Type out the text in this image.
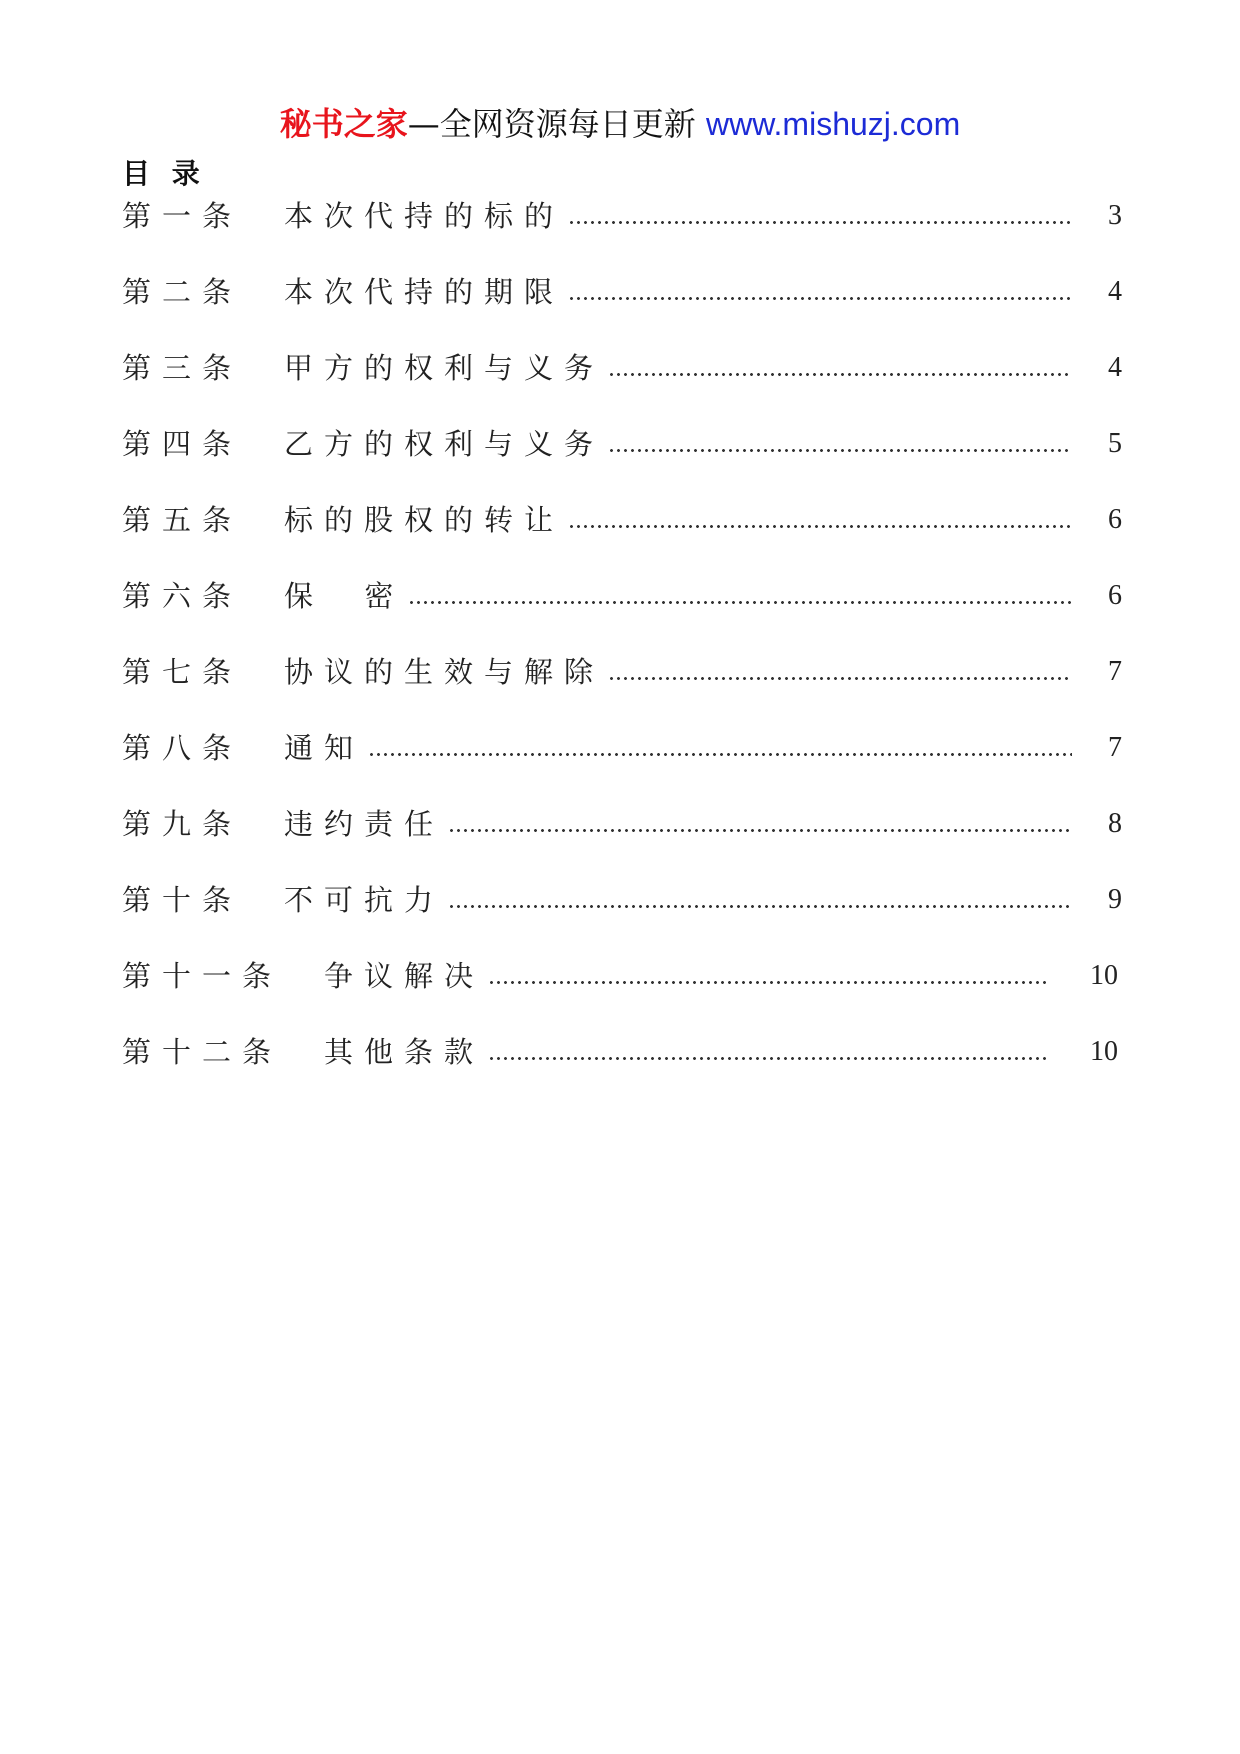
秘书之家—全网资源每日更新 www.mishuzj.com
目 录
第一条	本次代持的标的	3
第二条	本次代持的期限	4
第三条	甲方的权利与义务	4
第四条	乙方的权利与义务	5
第五条	标的股权的转让	6
第六条	保  密	6
第七条	协议的生效与解除	7
第八条	通知	7
第九条	违约责任	8
第十条	不可抗力	9
第十一条	争议解决	10
第十二条	其他条款	10
